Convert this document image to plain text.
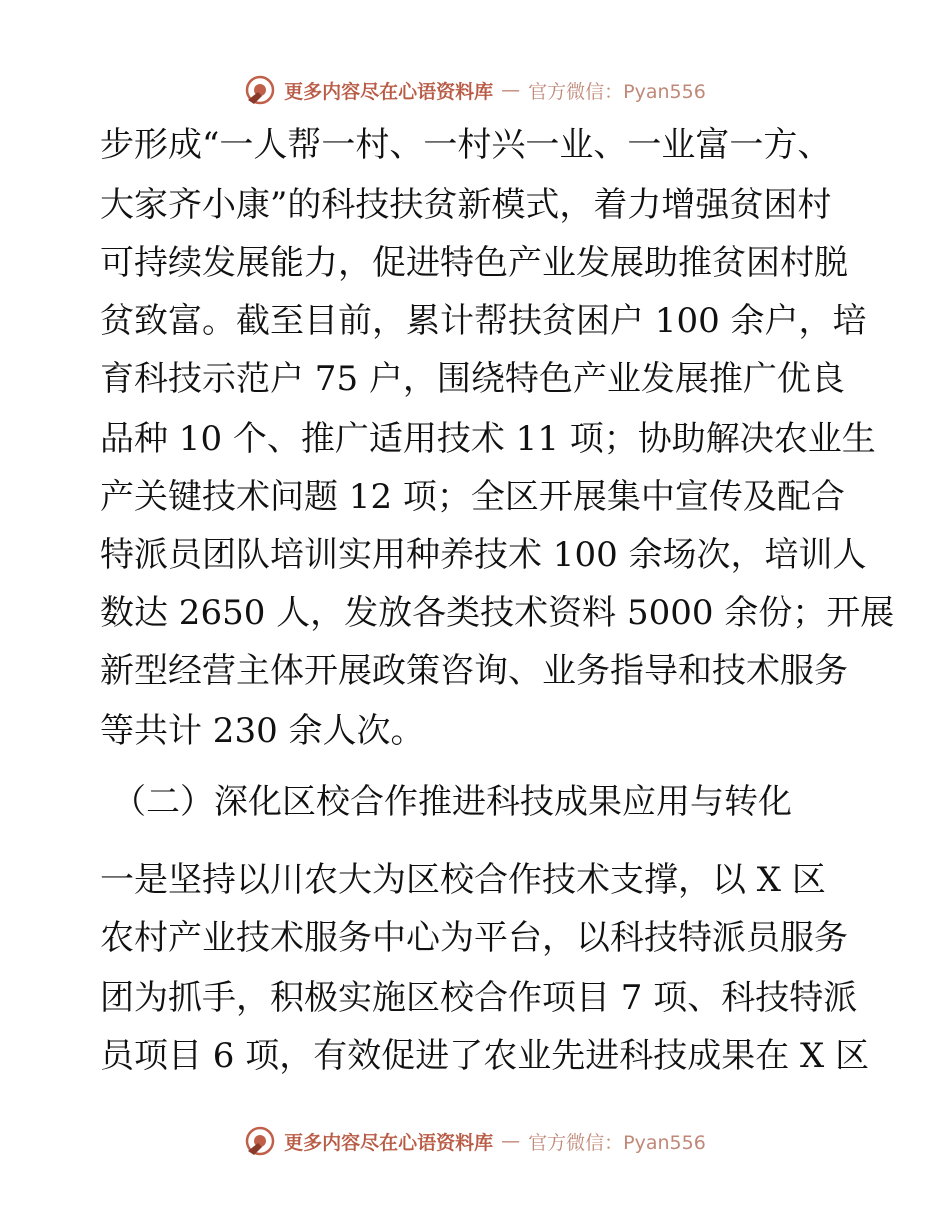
更多内容尽在心语资料库 — 官方微信：Pyan556
步形成“一人帮一村、一村兴一业、一业富一方、
大家齐小康”的科技扶贫新模式，着力增强贫困村
可持续发展能力，促进特色产业发展助推贫困村脱
贫致富。截至目前，累计帮扶贫困户 100 余户，培
育科技示范户 75 户，围绕特色产业发展推广优良
品种 10 个、推广适用技术 11 项；协助解决农业生
产关键技术问题 12 项；全区开展集中宣传及配合
特派员团队培训实用种养技术 100 余场次，培训人
数达 2650 人，发放各类技术资料 5000 余份；开展
新型经营主体开展政策咨询、业务指导和技术服务
等共计 230 余人次。
（二）深化区校合作推进科技成果应用与转化
一是坚持以川农大为区校合作技术支撑，以 X 区
农村产业技术服务中心为平台，以科技特派员服务
团为抓手，积极实施区校合作项目 7 项、科技特派
员项目 6 项，有效促进了农业先进科技成果在 X 区
更多内容尽在心语资料库 — 官方微信：Pyan556
